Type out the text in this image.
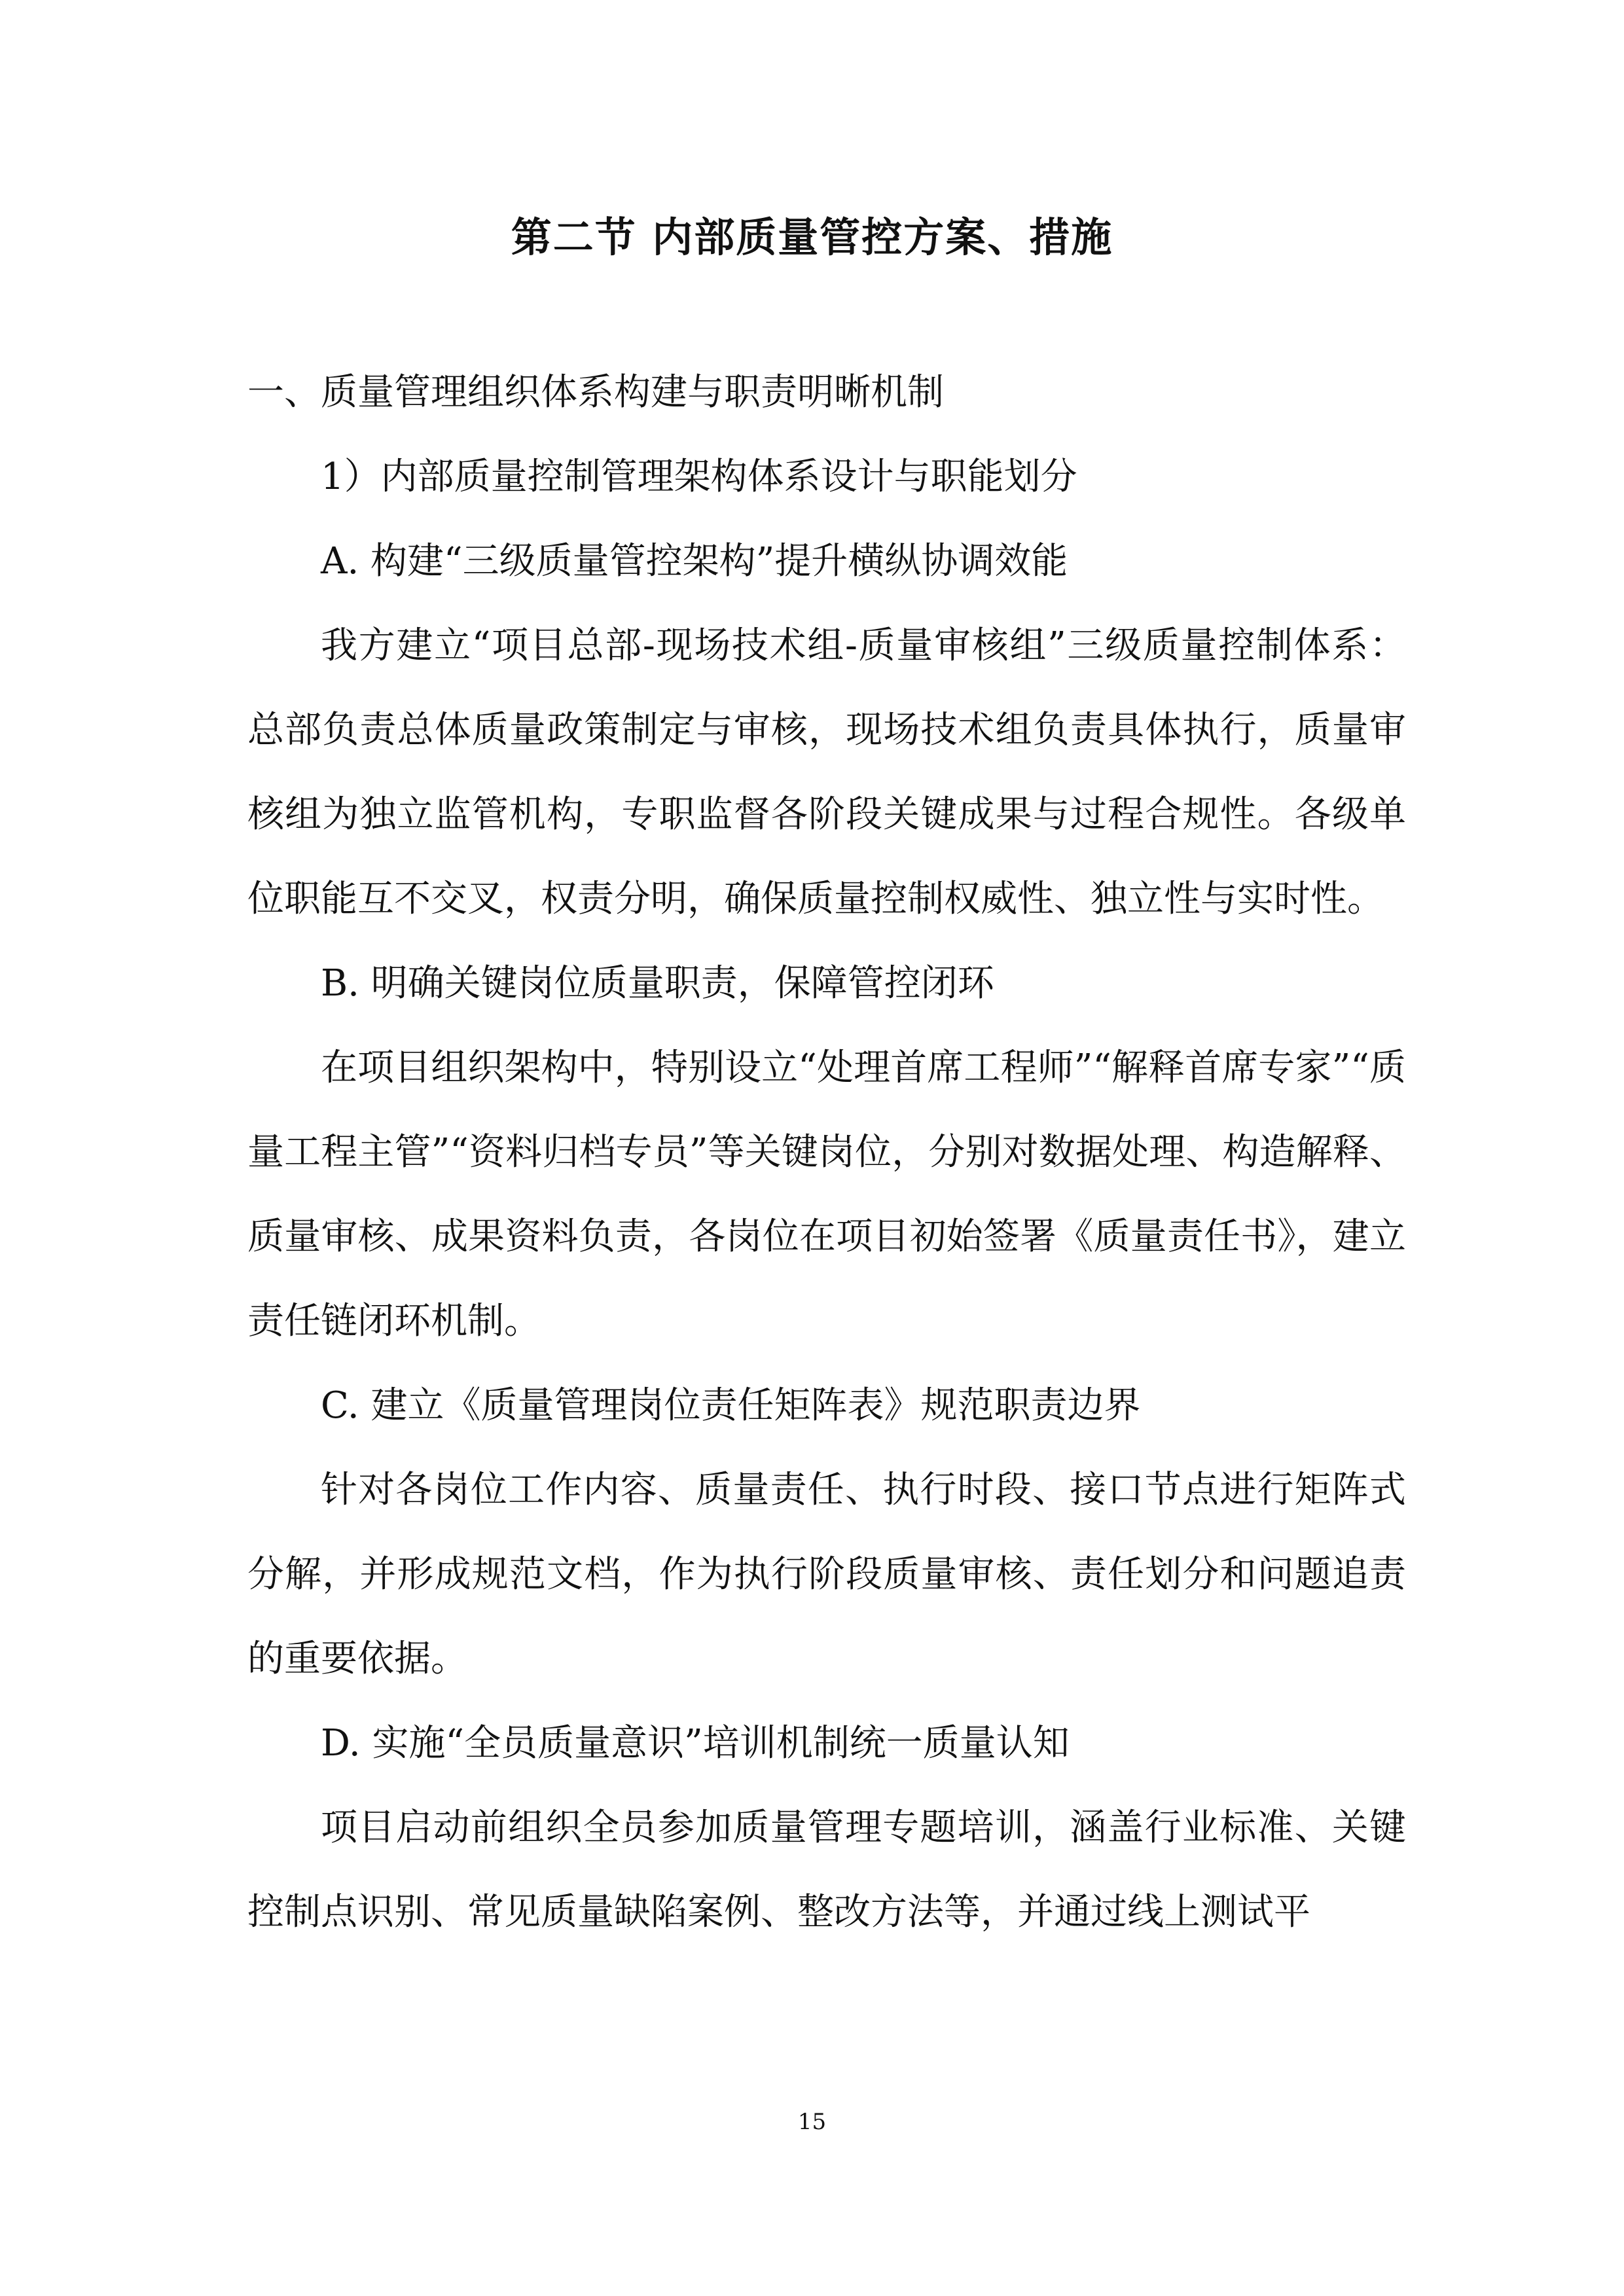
第二节 内部质量管控方案、措施

一、质量管理组织体系构建与职责明晰机制

1）内部质量控制管理架构体系设计与职能划分

A. 构建“三级质量管控架构”提升横纵协调效能

我方建立“项目总部-现场技术组-质量审核组”三级质量控制体系：总部负责总体质量政策制定与审核，现场技术组负责具体执行，质量审核组为独立监管机构，专职监督各阶段关键成果与过程合规性。各级单位职能互不交叉，权责分明，确保质量控制权威性、独立性与实时性。

B. 明确关键岗位质量职责，保障管控闭环

在项目组织架构中，特别设立“处理首席工程师”“解释首席专家”“质量工程主管”“资料归档专员”等关键岗位，分别对数据处理、构造解释、质量审核、成果资料负责，各岗位在项目初始签署《质量责任书》，建立责任链闭环机制。

C. 建立《质量管理岗位责任矩阵表》规范职责边界

针对各岗位工作内容、质量责任、执行时段、接口节点进行矩阵式分解，并形成规范文档，作为执行阶段质量审核、责任划分和问题追责的重要依据。

D. 实施“全员质量意识”培训机制统一质量认知

项目启动前组织全员参加质量管理专题培训，涵盖行业标准、关键控制点识别、常见质量缺陷案例、整改方法等，并通过线上测试平

15
